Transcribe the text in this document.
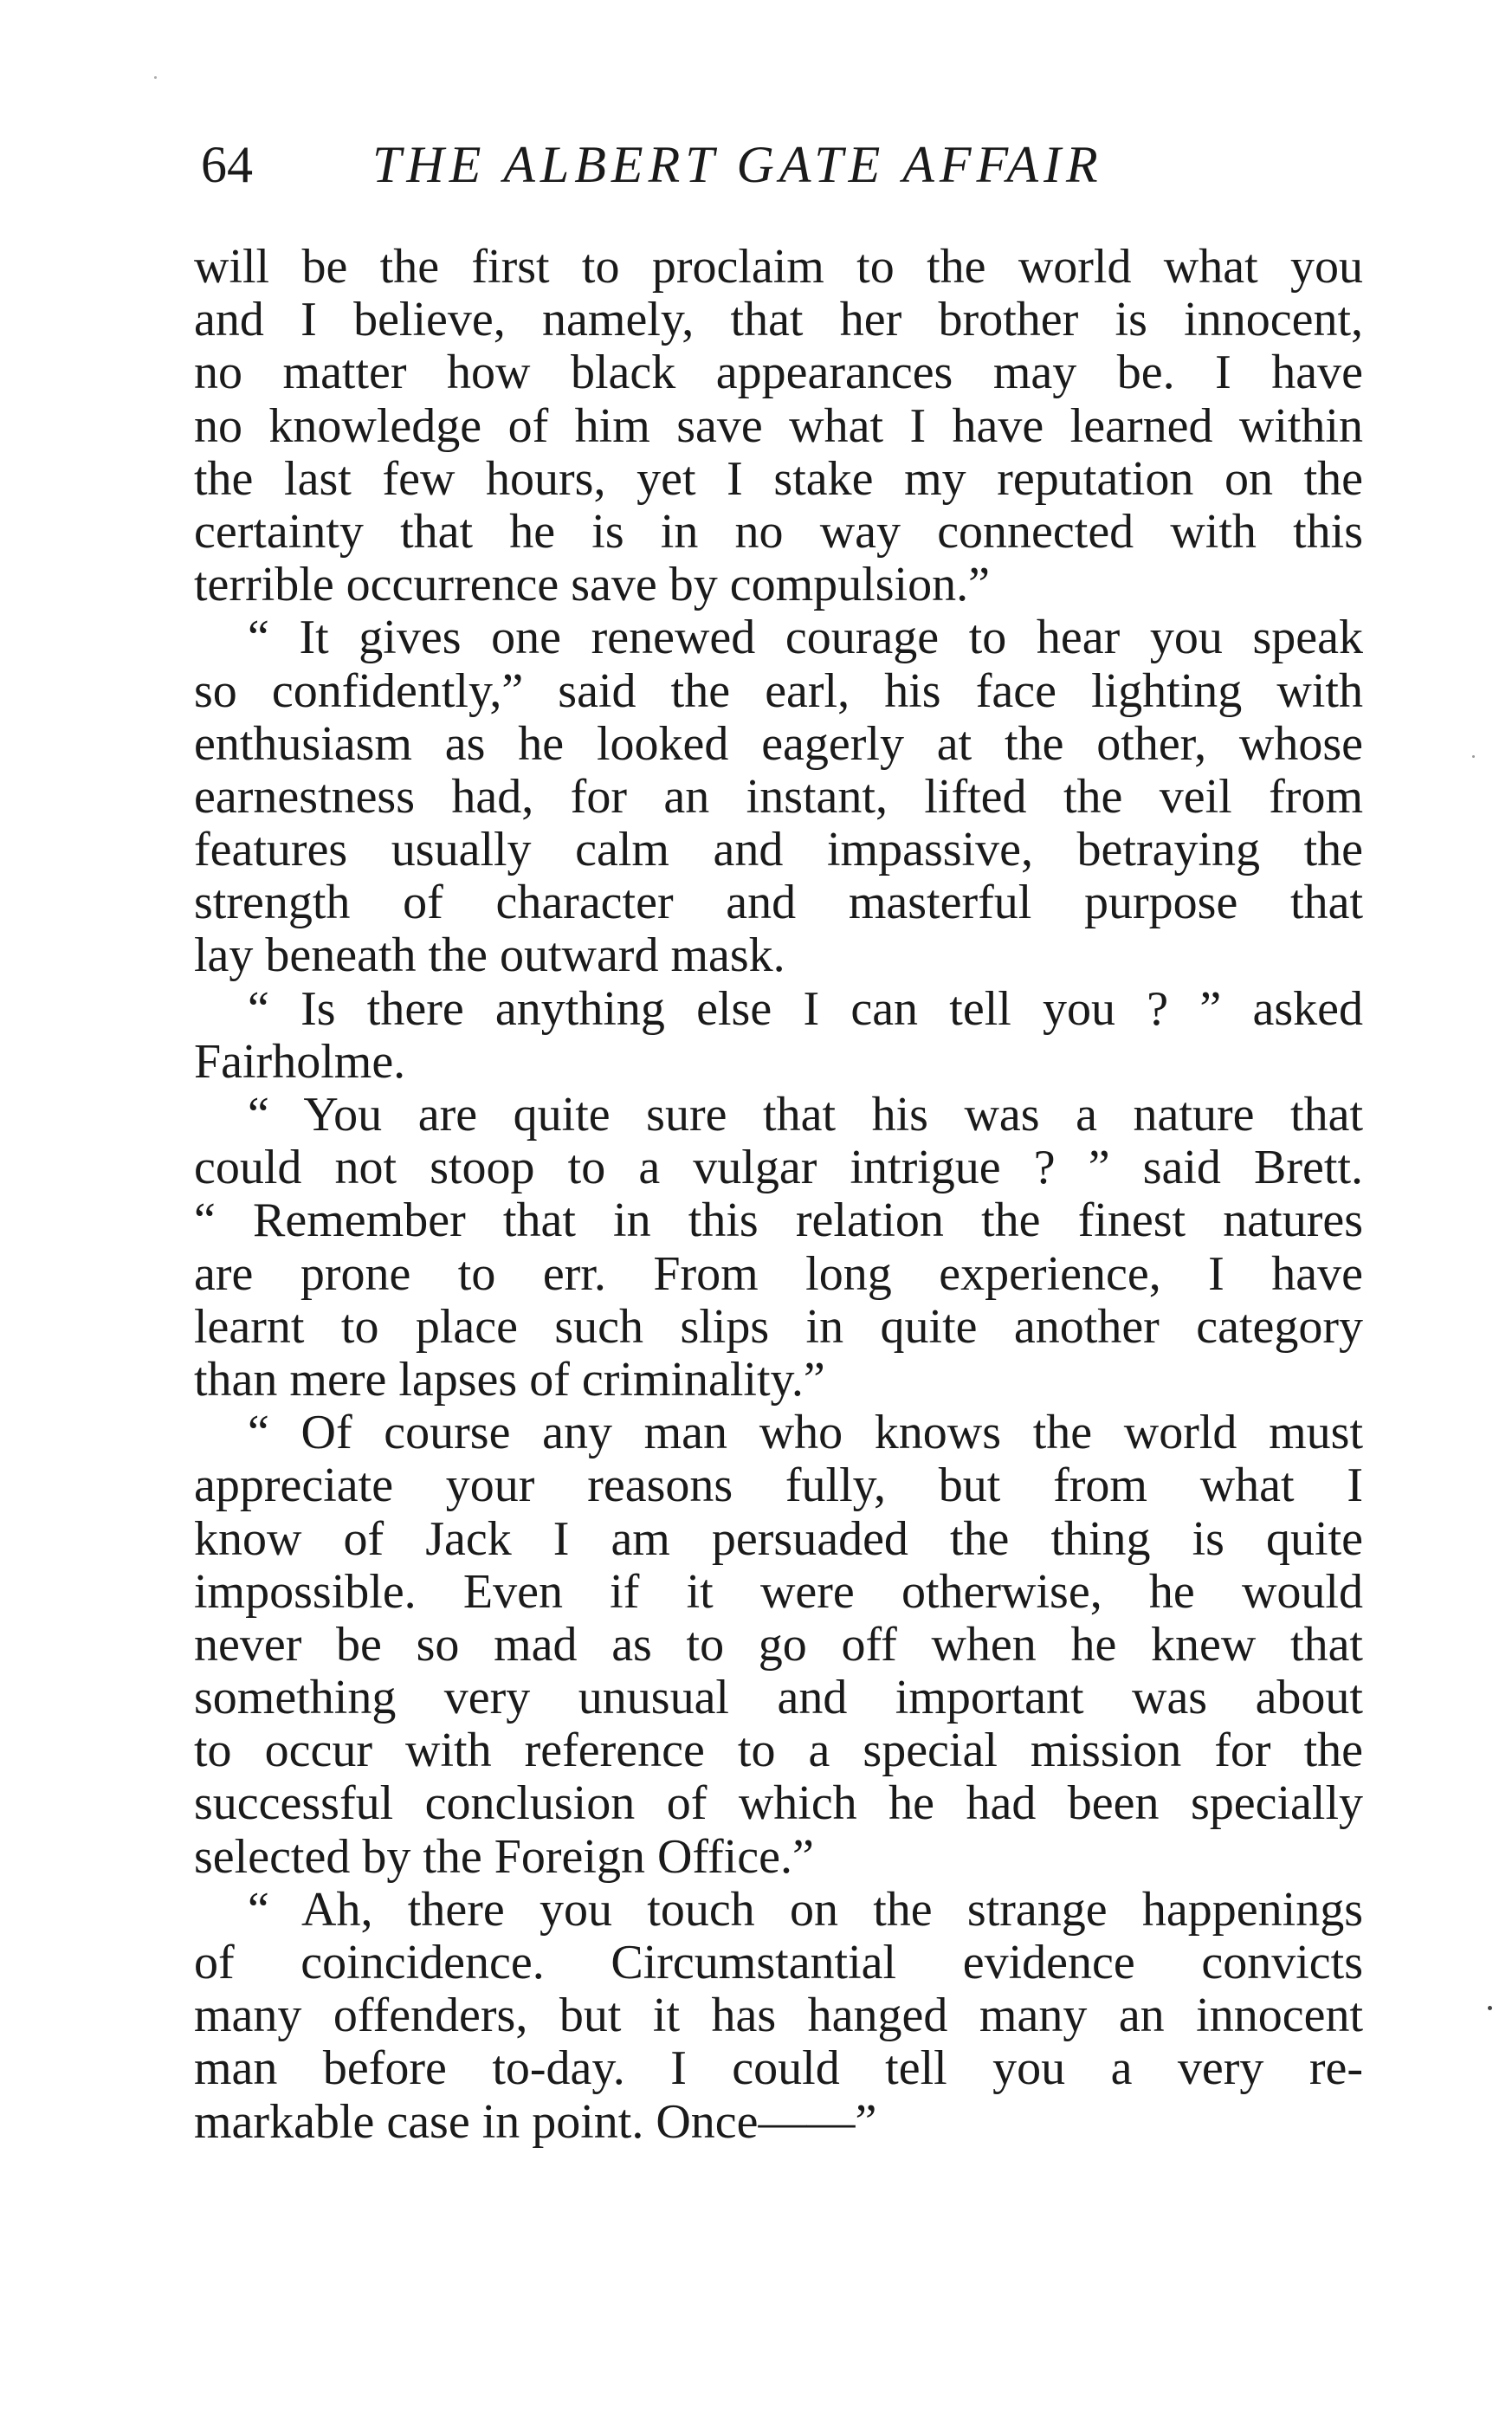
64 THE ALBERT GATE AFFAIR
will be the first to proclaim to the world what you
and I believe, namely, that her brother is innocent,
no matter how black appearances may be. I have
no knowledge of him save what I have learned within
the last few hours, yet I stake my reputation on the
certainty that he is in no way connected with this
terrible occurrence save by compulsion.”
“ It gives one renewed courage to hear you speak
so confidently,” said the earl, his face lighting with
enthusiasm as he looked eagerly at the other, whose
earnestness had, for an instant, lifted the veil from
features usually calm and impassive, betraying the
strength of character and masterful purpose that
lay beneath the outward mask.
“ Is there anything else I can tell you ? ” asked
Fairholme.
“ You are quite sure that his was a nature that
could not stoop to a vulgar intrigue ? ” said Brett.
“ Remember that in this relation the finest natures
are prone to err. From long experience, I have
learnt to place such slips in quite another category
than mere lapses of criminality.”
“ Of course any man who knows the world must
appreciate your reasons fully, but from what I
know of Jack I am persuaded the thing is quite
impossible. Even if it were otherwise, he would
never be so mad as to go off when he knew that
something very unusual and important was about
to occur with reference to a special mission for the
successful conclusion of which he had been specially
selected by the Foreign Office.”
“ Ah, there you touch on the strange happenings
of coincidence. Circumstantial evidence convicts
many offenders, but it has hanged many an innocent
man before to-day. I could tell you a very re-
markable case in point. Once——”
